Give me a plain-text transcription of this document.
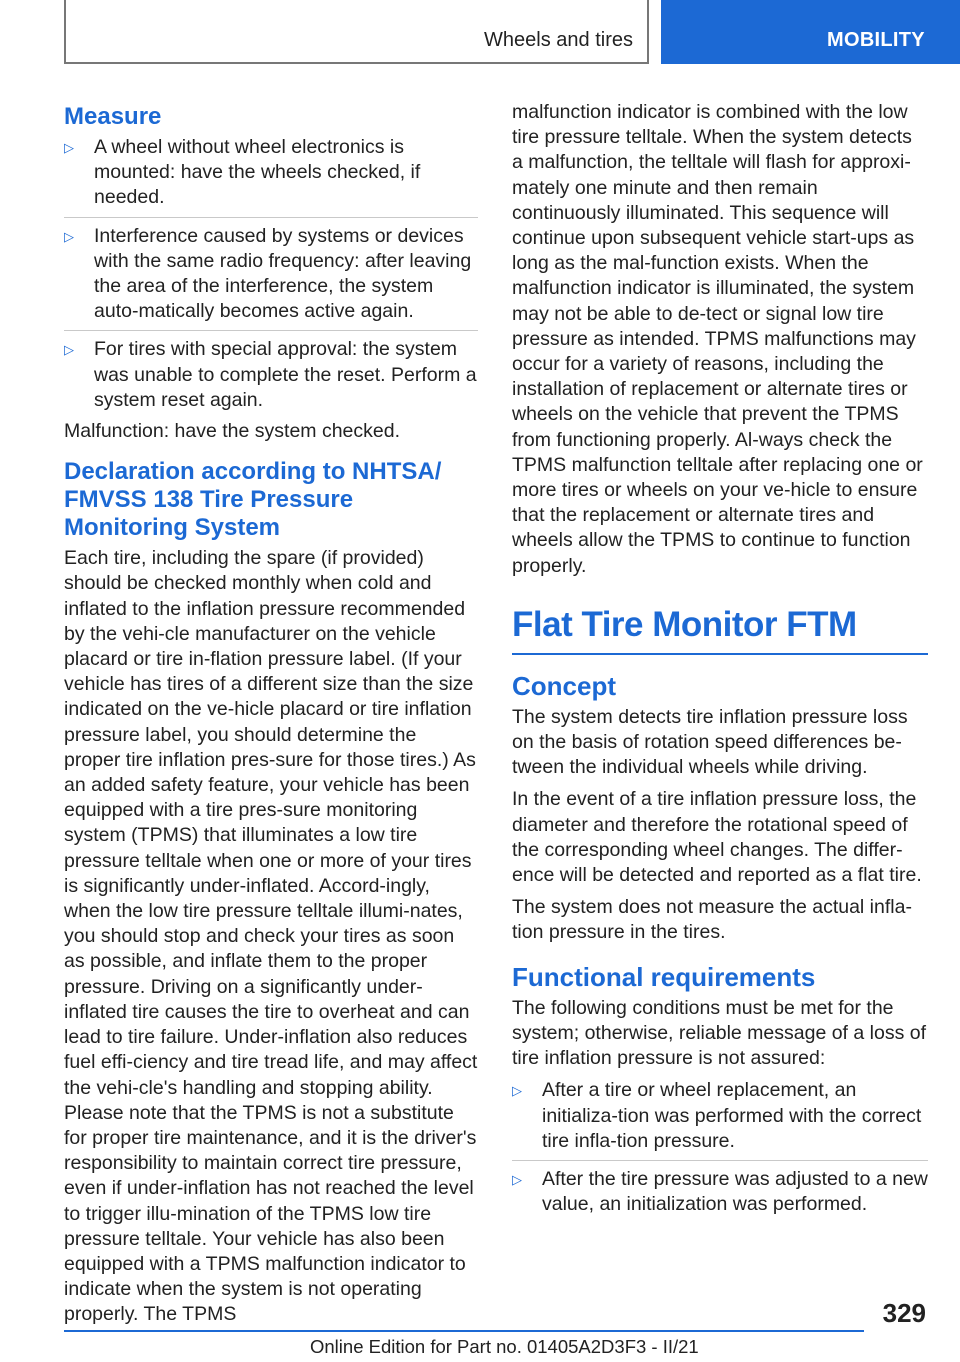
Wheels and tires	MOBILITY
Measure
▷ A wheel without wheel electronics is mounted: have the wheels checked, if needed.
▷ Interference caused by systems or devices with the same radio frequency: after leaving the area of the interference, the system auto-matically becomes active again.
▷ For tires with special approval: the system was unable to complete the reset. Perform a system reset again.

Malfunction: have the system checked.

Declaration according to NHTSA/ FMVSS 138 Tire Pressure Monitoring System

Each tire, including the spare (if provided) should be checked monthly when cold and inflated to the inflation pressure recommended by the vehi-cle manufacturer on the vehicle placard or tire in-flation pressure label. (If your vehicle has tires of a different size than the size indicated on the ve-hicle placard or tire inflation pressure label, you should determine the proper tire inflation pres-sure for those tires.) As an added safety feature, your vehicle has been equipped with a tire pres-sure monitoring system (TPMS) that illuminates a low tire pressure telltale when one or more of your tires is significantly under-inflated. Accord-ingly, when the low tire pressure telltale illumi-nates, you should stop and check your tires as soon as possible, and inflate them to the proper pressure. Driving on a significantly under-inflated tire causes the tire to overheat and can lead to tire failure. Under-inflation also reduces fuel effi-ciency and tire tread life, and may affect the vehi-cle's handling and stopping ability. Please note that the TPMS is not a substitute for proper tire maintenance, and it is the driver's responsibility to maintain correct tire pressure, even if under-inflation has not reached the level to trigger illu-mination of the TPMS low tire pressure telltale. Your vehicle has also been equipped with a TPMS malfunction indicator to indicate when the system is not operating properly. The TPMS

malfunction indicator is combined with the low tire pressure telltale. When the system detects a malfunction, the telltale will flash for approxi-mately one minute and then remain continuously illuminated. This sequence will continue upon subsequent vehicle start-ups as long as the mal-function exists. When the malfunction indicator is illuminated, the system may not be able to de-tect or signal low tire pressure as intended. TPMS malfunctions may occur for a variety of reasons, including the installation of replacement or alternate tires or wheels on the vehicle that prevent the TPMS from functioning properly. Al-ways check the TPMS malfunction telltale after replacing one or more tires or wheels on your ve-hicle to ensure that the replacement or alternate tires and wheels allow the TPMS to continue to function properly.

Flat Tire Monitor FTM
Concept

The system detects tire inflation pressure loss on the basis of rotation speed differences be-tween the individual wheels while driving.

In the event of a tire inflation pressure loss, the diameter and therefore the rotational speed of the corresponding wheel changes. The differ-ence will be detected and reported as a flat tire.

The system does not measure the actual infla-tion pressure in the tires.

Functional requirements

The following conditions must be met for the system; otherwise, reliable message of a loss of tire inflation pressure is not assured:

▷ After a tire or wheel replacement, an initializa-tion was performed with the correct tire infla-tion pressure.
▷ After the tire pressure was adjusted to a new value, an initialization was performed.
329
Online Edition for Part no. 01405A2D3F3 - II/21
